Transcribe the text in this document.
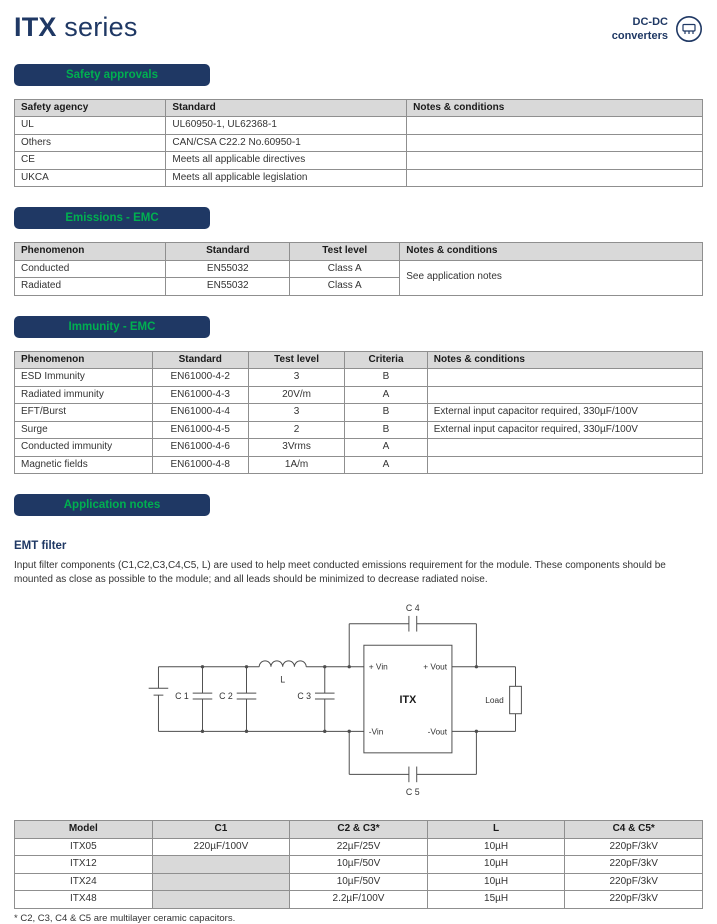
ITX series	DC-DC
converters
Safety approvals
Safety agency	Standard	Notes & conditions
UL	UL60950-1, UL62368-1	
Others	CAN/CSA C22.2 No.60950-1	
CE	Meets all applicable directives	
UKCA	Meets all applicable legislation	
Emissions - EMC
Phenomenon	Standard	Test level	Notes & conditions
Conducted	EN55032	Class A	See application notes
Radiated	EN55032	Class A	
Immunity - EMC
Phenomenon	Standard	Test level	Criteria	Notes & conditions
ESD Immunity	EN61000-4-2	3	B	
Radiated immunity	EN61000-4-3	20V/m	A	
EFT/Burst	EN61000-4-4	3	B	External input capacitor required, 330µF/100V
Surge	EN61000-4-5	2	B	External input capacitor required, 330µF/100V
Conducted immunity	EN61000-4-6	3Vrms	A	
Magnetic fields	EN61000-4-8	1A/m	A	
Application notes
EMT filter

Input filter components (C1,C2,C3,C4,C5, L) are used to help meet conducted emissions requirement for the module. These components should be mounted as close as possible to the module; and all leads should be minimized to decrease radiated noise.

C 1	C 2	C 3
C 4
C 5
L
ITX
+ Vin
-Vin
+ Vout
-Vout
Load
Model	C1	C2 & C3*	L	C4 & C5*
ITX05	220µF/100V	22µF/25V	10µH	220pF/3kV
ITX12		10µF/50V	10µH	220pF/3kV
ITX24		10µF/50V	10µH	220pF/3kV
ITX48		2.2µF/100V	15µH	220pF/3kV

* C2, C3, C4 & C5 are multilayer ceramic capacitors.
